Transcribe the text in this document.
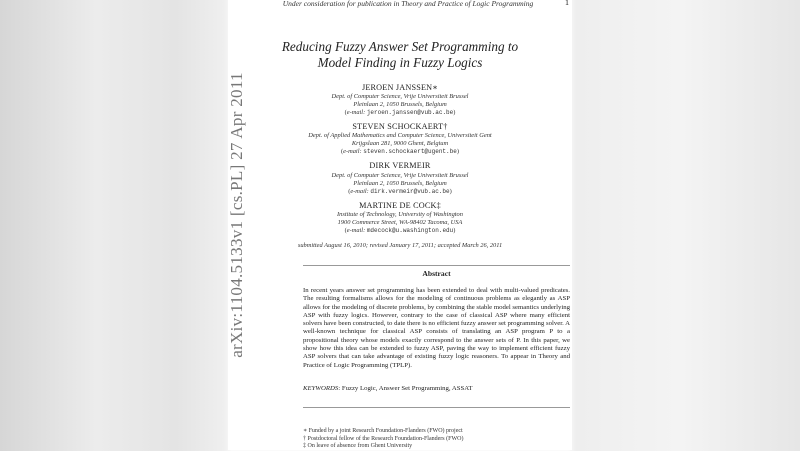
arXiv:1104.5133v1 [cs.PL] 27 Apr 2011
Under consideration for publication in Theory and Practice of Logic Programming	1
Reducing Fuzzy Answer Set Programming to
Model Finding in Fuzzy Logics
JEROEN JANSSEN∗
Dept. of Computer Science, Vrije Universiteit Brussel
Pleinlaan 2, 1050 Brussels, Belgium
(e-mail: jeroen.janssen@vub.ac.be)
STEVEN SCHOCKAERT†
Dept. of Applied Mathematics and Computer Science, Universiteit Gent
Krijgslaan 281, 9000 Ghent, Belgium
(e-mail: steven.schockaert@ugent.be)
DIRK VERMEIR
Dept. of Computer Science, Vrije Universiteit Brussel
Pleinlaan 2, 1050 Brussels, Belgium
(e-mail: dirk.vermeir@vub.ac.be)
MARTINE DE COCK‡
Institute of Technology, University of Washington
1900 Commerce Street, WA-98402 Tacoma, USA
(e-mail: mdecock@u.washington.edu)
submitted August 16, 2010; revised January 17, 2011; accepted March 26, 2011
Abstract
In recent years answer set programming has been extended to deal with multi-valued predicates. The resulting formalisms allows for the modeling of continuous problems as elegantly as ASP allows for the modeling of discrete problems, by combining the stable model semantics underlying ASP with fuzzy logics. However, contrary to the case of classical ASP where many efficient solvers have been constructed, to date there is no efficient fuzzy answer set programming solver. A well-known technique for classical ASP consists of translating an ASP program P to a propositional theory whose models exactly correspond to the answer sets of P. In this paper, we show how this idea can be extended to fuzzy ASP, paving the way to implement efficient fuzzy ASP solvers that can take advantage of existing fuzzy logic reasoners. To appear in Theory and Practice of Logic Programming (TPLP).
KEYWORDS: Fuzzy Logic, Answer Set Programming, ASSAT
∗ Funded by a joint Research Foundation-Flanders (FWO) project
† Postdoctoral fellow of the Research Foundation-Flanders (FWO)
‡ On leave of absence from Ghent University
